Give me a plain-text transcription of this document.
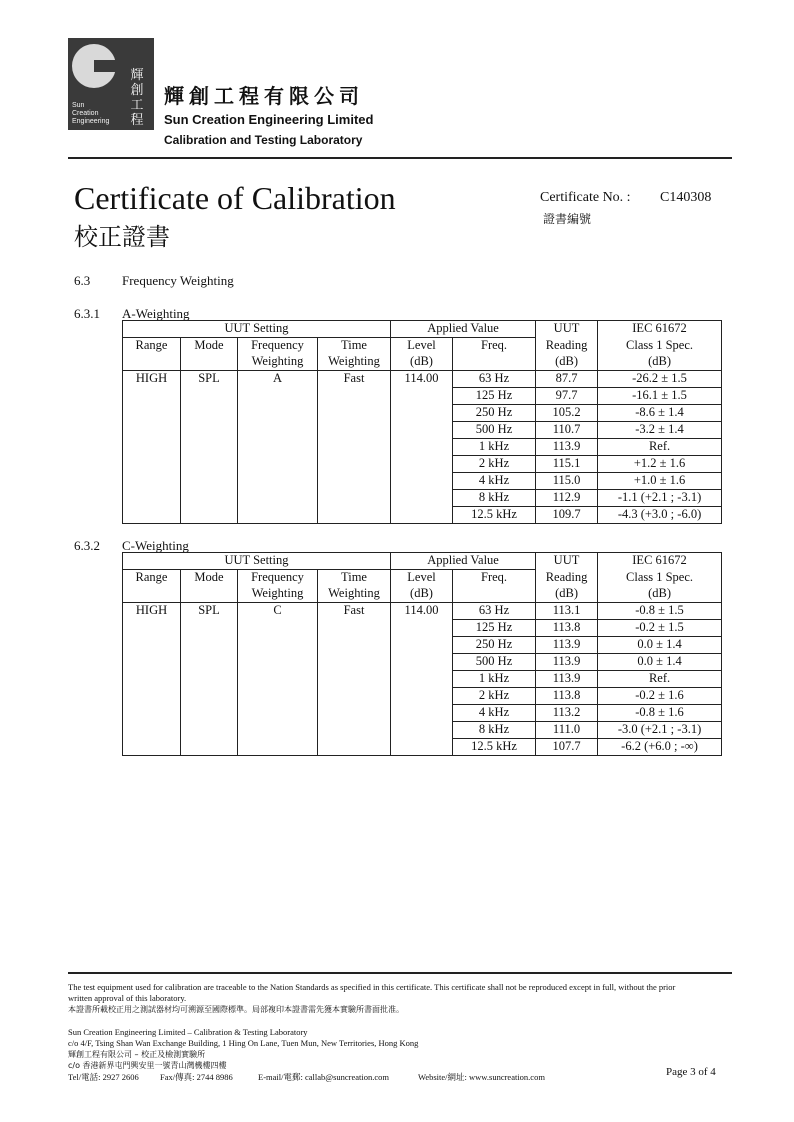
輝
創
工
程
Sun
Creation
Engineering
輝創工程有限公司
Sun Creation Engineering Limited
Calibration and Testing Laboratory
Certificate of Calibration
校正證書
Certificate No. : C140308
證書編號
6.3 Frequency Weighting
6.3.1 A-Weighting
UUT Setting				Applied Value		UUT	IEC 61672
Range	Mode	Frequency	Time	Level	Freq.	Reading	Class 1 Spec.
		Weighting	Weighting	(dB)		(dB)	(dB)
HIGH	SPL	A	Fast	114.00	63 Hz	87.7	-26.2 ± 1.5
					125 Hz	97.7	-16.1 ± 1.5
					250 Hz	105.2	-8.6 ± 1.4
					500 Hz	110.7	-3.2 ± 1.4
					1 kHz	113.9	Ref.
					2 kHz	115.1	+1.2 ± 1.6
					4 kHz	115.0	+1.0 ± 1.6
					8 kHz	112.9	-1.1 (+2.1 ; -3.1)
					12.5 kHz	109.7	-4.3 (+3.0 ; -6.0)
6.3.2 C-Weighting
UUT Setting				Applied Value		UUT	IEC 61672
Range	Mode	Frequency	Time	Level	Freq.	Reading	Class 1 Spec.
		Weighting	Weighting	(dB)		(dB)	(dB)
HIGH	SPL	C	Fast	114.00	63 Hz	113.1	-0.8 ± 1.5
					125 Hz	113.8	-0.2 ± 1.5
					250 Hz	113.9	0.0 ± 1.4
					500 Hz	113.9	0.0 ± 1.4
					1 kHz	113.9	Ref.
					2 kHz	113.8	-0.2 ± 1.6
					4 kHz	113.2	-0.8 ± 1.6
					8 kHz	111.0	-3.0 (+2.1 ; -3.1)
					12.5 kHz	107.7	-6.2 (+6.0 ; -∞)
The test equipment used for calibration are traceable to the Nation Standards as specified in this certificate. This certificate shall not be reproduced except in full, without the prior
written approval of this laboratory.
本證書所載校正用之測試器材均可溯源至國際標準。局部複印本證書需先獲本實驗所書面批准。
Sun Creation Engineering Limited – Calibration & Testing Laboratory
c/o 4/F, Tsing Shan Wan Exchange Building, 1 Hing On Lane, Tuen Mun, New Territories, Hong Kong
輝創工程有限公司 – 校正及檢測實驗所
c/o 香港新界屯門興安里一號青山灣機樓四樓
Tel/電話: 2927 2606	Fax/傳真: 2744 8986	E-mail/電郵: callab@suncreation.com	Website/網址: www.suncreation.com	Page 3 of 4
